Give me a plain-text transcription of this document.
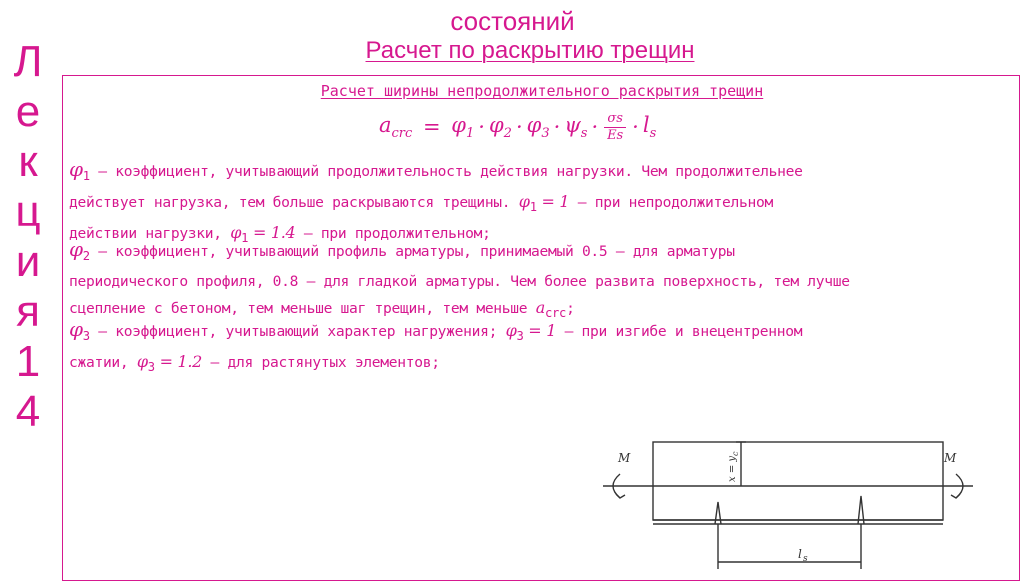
состояний
Расчет по раскрытию трещин
Л
е
к
ц
и
я
1
4
Расчет ширины непродолжительного раскрытия трещин
$a_{crc} = \varphi_1 \cdot \varphi_2 \cdot \varphi_3 \cdot \psi_s \cdot \frac{\sigma s}{Es} \cdot l_s$
$\varphi_1$ – коэффициент, учитывающий продолжительность действия нагрузки. Чем продолжительнее
действует нагрузка, тем больше раскрываются трещины. $\varphi_1 = 1$ – при непродолжительном
действии нагрузки, $\varphi_1 = 1.4$ – при продолжительном;
$\varphi_2$ – коэффициент, учитывающий профиль арматуры, принимаемый 0.5 – для арматуры
периодического профиля, 0.8 – для гладкой арматуры. Чем более развита поверхность, тем лучше
сцепление с бетоном, тем меньше шаг трещин, тем меньше $a_{crc}$;
$\varphi_3$ – коэффициент, учитывающий характер нагружения; $\varphi_3 = 1$ – при изгибе и внецентренном
сжатии, $\varphi_3 = 1.2$ – для растянутых элементов;
M	M
l s
x = y
c
